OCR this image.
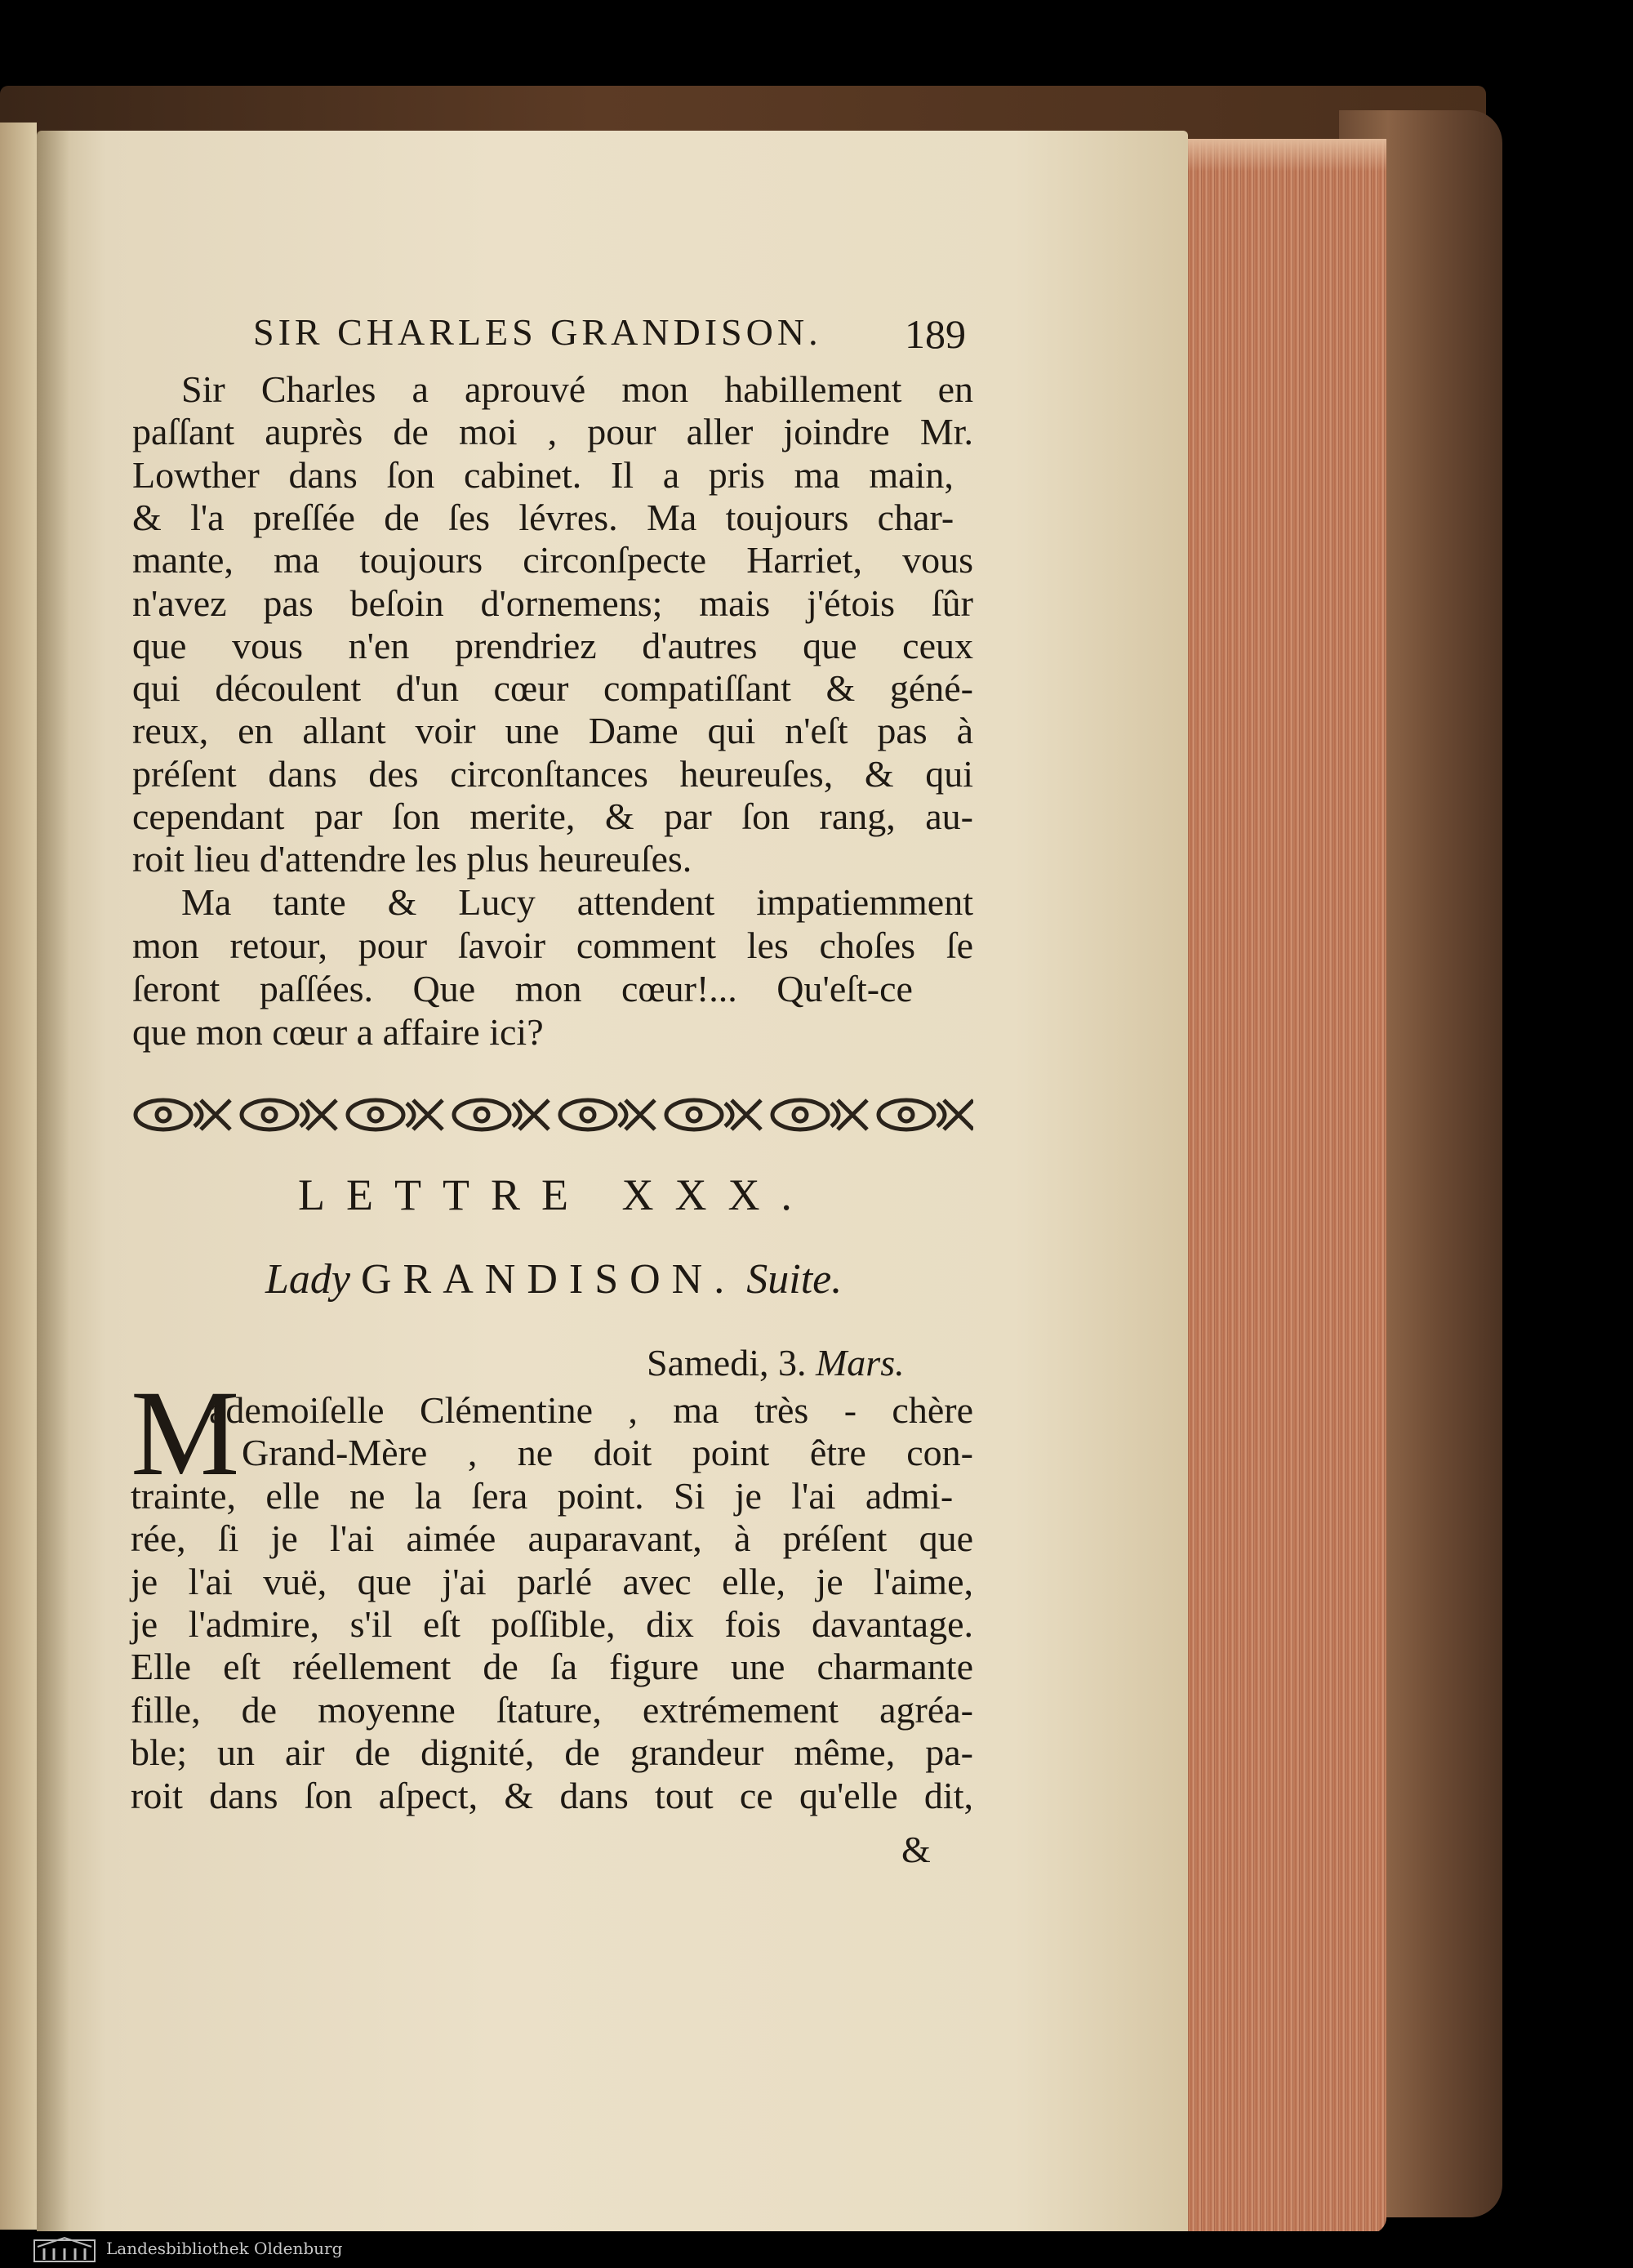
SIR CHARLES GRANDISON. 189
Sir Charles a aprouvé mon habillement en
paſſant auprès de moi , pour aller joindre Mr.
Lowther dans ſon cabinet. Il a pris ma main,
& l'a preſſée de ſes lévres. Ma toujours char-
mante, ma toujours circonſpecte Harriet, vous
n'avez pas beſoin d'ornemens; mais j'étois ſûr
que vous n'en prendriez d'autres que ceux
qui découlent d'un cœur compatiſſant & géné-
reux, en allant voir une Dame qui n'eſt pas à
préſent dans des circonſtances heureuſes, & qui
cependant par ſon merite, & par ſon rang, au-
roit lieu d'attendre les plus heureuſes.
Ma tante & Lucy attendent impatiemment
mon retour, pour ſavoir comment les choſes ſe
ſeront paſſées. Que mon cœur!... Qu'eſt-ce
que mon cœur a affaire ici?
LETTRE XXX.
Lady GRANDISON. Suite.
Samedi, 3. Mars.
M
ademoiſelle Clémentine , ma très - chère
Grand-Mère , ne doit point être con-
trainte, elle ne la ſera point. Si je l'ai admi-
rée, ſi je l'ai aimée auparavant, à préſent que
je l'ai vuë, que j'ai parlé avec elle, je l'aime,
je l'admire, s'il eſt poſſible, dix fois davantage.
Elle eſt réellement de ſa figure une charmante
fille, de moyenne ſtature, extrémement agréa-
ble; un air de dignité, de grandeur même, pa-
roit dans ſon aſpect, & dans tout ce qu'elle dit,
&
Landesbibliothek Oldenburg
